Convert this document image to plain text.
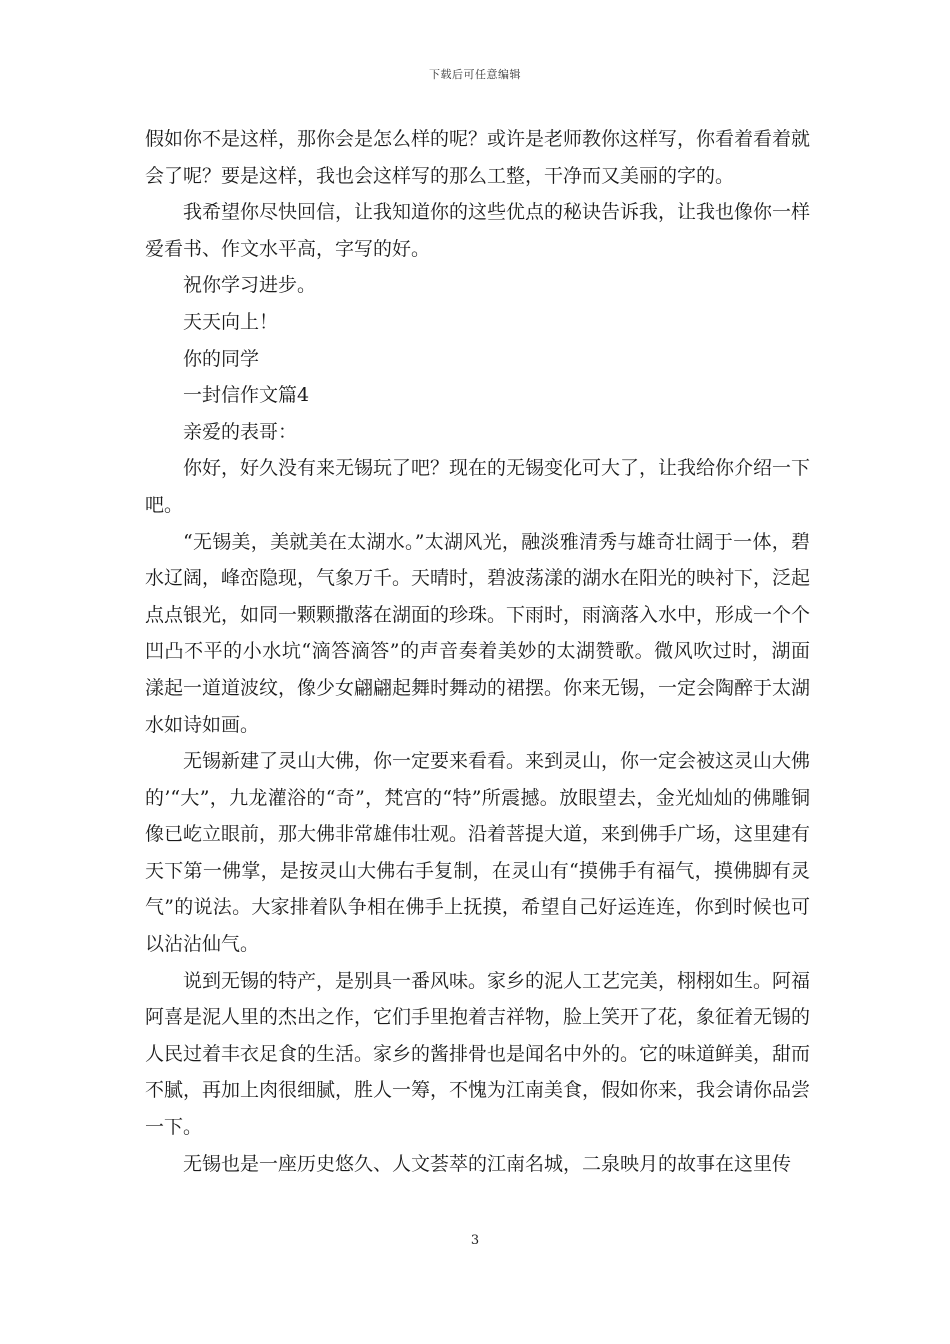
下载后可任意编辑

假如你不是这样，那你会是怎么样的呢？或许是老师教你这样写，你看着看着就会了呢？要是这样，我也会这样写的那么工整，干净而又美丽的字的。

我希望你尽快回信，让我知道你的这些优点的秘诀告诉我，让我也像你一样爱看书、作文水平高，字写的好。

祝你学习进步。

天天向上！

你的同学

一封信作文篇4

亲爱的表哥：

你好，好久没有来无锡玩了吧？现在的无锡变化可大了，让我给你介绍一下吧。

“无锡美，美就美在太湖水。”太湖风光，融淡雅清秀与雄奇壮阔于一体，碧水辽阔，峰峦隐现，气象万千。天晴时，碧波荡漾的湖水在阳光的映衬下，泛起点点银光，如同一颗颗撒落在湖面的珍珠。下雨时，雨滴落入水中，形成一个个凹凸不平的小水坑“滴答滴答”的声音奏着美妙的太湖赞歌。微风吹过时，湖面漾起一道道波纹，像少女翩翩起舞时舞动的裙摆。你来无锡，一定会陶醉于太湖水如诗如画。

无锡新建了灵山大佛，你一定要来看看。来到灵山，你一定会被这灵山大佛的’“大”，九龙灌浴的“奇”，梵宫的“特”所震撼。放眼望去，金光灿灿的佛雕铜像已屹立眼前，那大佛非常雄伟壮观。沿着菩提大道，来到佛手广场，这里建有天下第一佛掌，是按灵山大佛右手复制，在灵山有“摸佛手有福气，摸佛脚有灵气”的说法。大家排着队争相在佛手上抚摸，希望自己好运连连，你到时候也可以沾沾仙气。

说到无锡的特产，是别具一番风味。家乡的泥人工艺完美，栩栩如生。阿福阿喜是泥人里的杰出之作，它们手里抱着吉祥物，脸上笑开了花，象征着无锡的人民过着丰衣足食的生活。家乡的酱排骨也是闻名中外的。它的味道鲜美，甜而不腻，再加上肉很细腻，胜人一筹，不愧为江南美食，假如你来，我会请你品尝一下。

无锡也是一座历史悠久、人文荟萃的江南名城，二泉映月的故事在这里传

3
